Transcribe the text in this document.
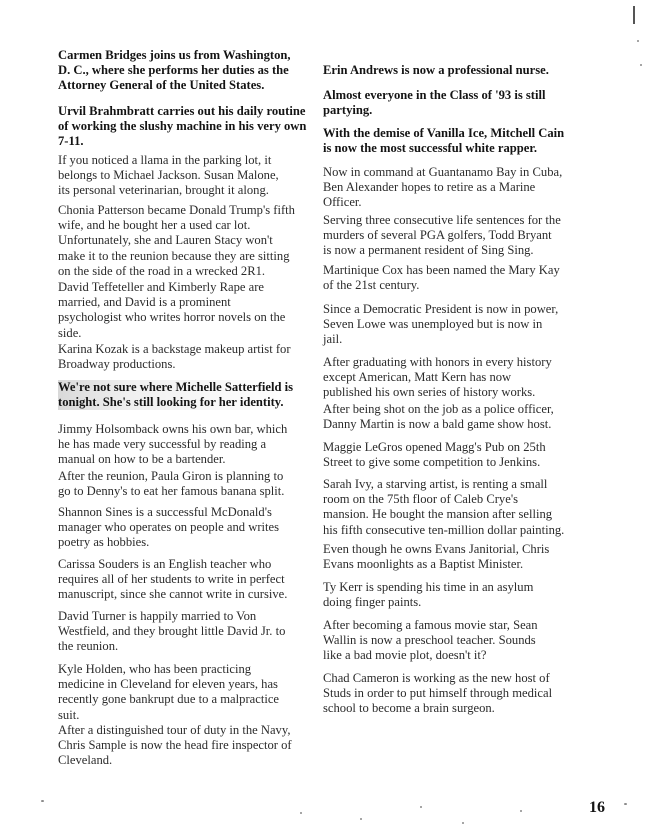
Carmen Bridges joins us from Washington,
D. C., where she performs her duties as the
Attorney General of the United States.
Urvil Brahmbratt carries out his daily routine
of working the slushy machine in his very own
7-11.
If you noticed a llama in the parking lot, it
belongs to Michael Jackson. Susan Malone,
its personal veterinarian, brought it along.
Chonia Patterson became Donald Trump's fifth
wife, and he bought her a used car lot.
Unfortunately, she and Lauren Stacy won't
make it to the reunion because they are sitting
on the side of the road in a wrecked 2R1.
David Teffeteller and Kimberly Rape are
married, and David is a prominent
psychologist who writes horror novels on the
side.
Karina Kozak is a backstage makeup artist for
Broadway productions.
We're not sure where Michelle Satterfield is
tonight. She's still looking for her identity.
Jimmy Holsomback owns his own bar, which
he has made very successful by reading a
manual on how to be a bartender.
After the reunion, Paula Giron is planning to
go to Denny's to eat her famous banana split.
Shannon Sines is a successful McDonald's
manager who operates on people and writes
poetry as hobbies.
Carissa Souders is an English teacher who
requires all of her students to write in perfect
manuscript, since she cannot write in cursive.
David Turner is happily married to Von
Westfield, and they brought little David Jr. to
the reunion.
Kyle Holden, who has been practicing
medicine in Cleveland for eleven years, has
recently gone bankrupt due to a malpractice
suit.
After a distinguished tour of duty in the Navy,
Chris Sample is now the head fire inspector of
Cleveland.
Erin Andrews is now a professional nurse.
Almost everyone in the Class of '93 is still
partying.
With the demise of Vanilla Ice, Mitchell Cain
is now the most successful white rapper.
Now in command at Guantanamo Bay in Cuba,
Ben Alexander hopes to retire as a Marine
Officer.
Serving three consecutive life sentences for the
murders of several PGA golfers, Todd Bryant
is now a permanent resident of Sing Sing.
Martinique Cox has been named the Mary Kay
of the 21st century.
Since a Democratic President is now in power,
Seven Lowe was unemployed but is now in
jail.
After graduating with honors in every history
except American, Matt Kern has now
published his own series of history works.
After being shot on the job as a police officer,
Danny Martin is now a bald game show host.
Maggie LeGros opened Magg's Pub on 25th
Street to give some competition to Jenkins.
Sarah Ivy, a starving artist, is renting a small
room on the 75th floor of Caleb Crye's
mansion. He bought the mansion after selling
his fifth consecutive ten-million dollar painting.
Even though he owns Evans Janitorial, Chris
Evans moonlights as a Baptist Minister.
Ty Kerr is spending his time in an asylum
doing finger paints.
After becoming a famous movie star, Sean
Wallin is now a preschool teacher. Sounds
like a bad movie plot, doesn't it?
Chad Cameron is working as the new host of
Studs in order to put himself through medical
school to become a brain surgeon.
16
